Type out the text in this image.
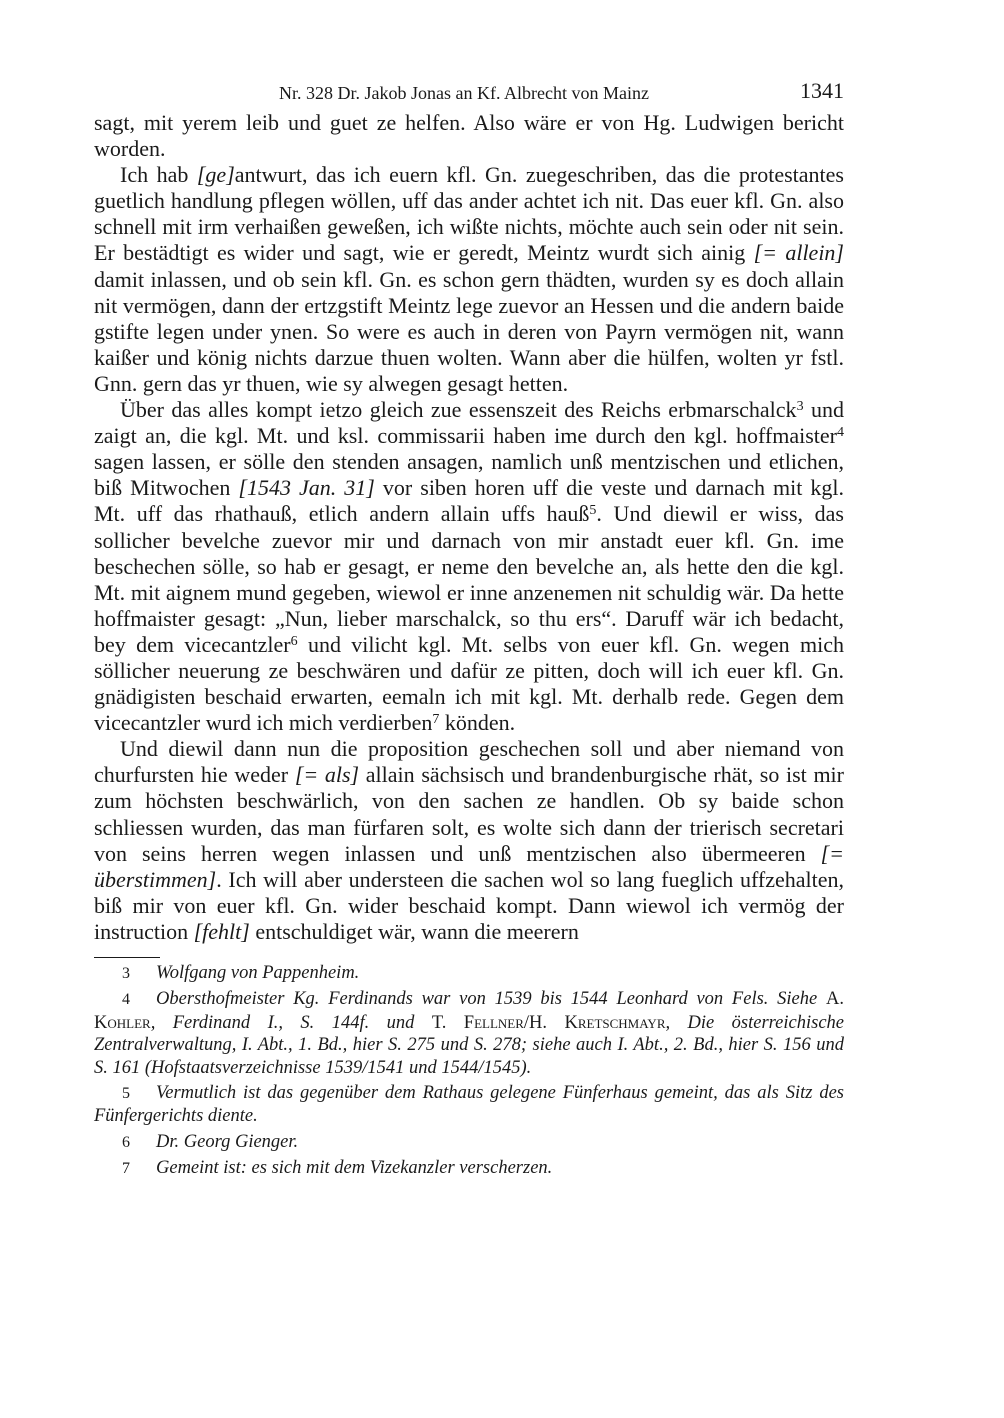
Nr. 328 Dr. Jakob Jonas an Kf. Albrecht von Mainz	1341

sagt, mit yerem leib und guet ze helfen. Also wäre er von Hg. Ludwigen bericht worden.

Ich hab [ge]antwurt, das ich euern kfl. Gn. zuegeschriben, das die protestantes guetlich handlung pflegen wöllen, uff das ander achtet ich nit. Das euer kfl. Gn. also schnell mit irm verhaißen geweßen, ich wißte nichts, möchte auch sein oder nit sein. Er bestädtigt es wider und sagt, wie er geredt, Meintz wurdt sich ainig [= allein] damit inlassen, und ob sein kfl. Gn. es schon gern thädten, wurden sy es doch allain nit vermögen, dann der ertzgstift Meintz lege zuevor an Hessen und die andern baide gstifte legen under ynen. So were es auch in deren von Payrn vermögen nit, wann kaißer und könig nichts darzue thuen wolten. Wann aber die hülfen, wolten yr fstl. Gnn. gern das yr thuen, wie sy alwegen gesagt hetten.

Über das alles kompt ietzo gleich zue essenszeit des Reichs erbmarschalck$^3$ und zaigt an, die kgl. Mt. und ksl. commissarii haben ime durch den kgl. hoffmaister$^4$ sagen lassen, er sölle den stenden ansagen, namlich unß mentzischen und etlichen, biß Mitwochen [1543 Jan. 31] vor siben horen uff die veste und darnach mit kgl. Mt. uff das rhathauß, etlich andern allain uffs hauß$^5$. Und diewil er wiss, das sollicher bevelche zuevor mir und darnach von mir anstadt euer kfl. Gn. ime beschechen sölle, so hab er gesagt, er neme den bevelche an, als hette den die kgl. Mt. mit aignem mund gegeben, wiewol er inne anzenemen nit schuldig wär. Da hette hoffmaister gesagt: „Nun, lieber marschalck, so thu ers“. Daruff wär ich bedacht, bey dem vicecantzler$^6$ und vilicht kgl. Mt. selbs von euer kfl. Gn. wegen mich söllicher neuerung ze beschwären und dafür ze pitten, doch will ich euer kfl. Gn. gnädigisten beschaid erwarten, eemaln ich mit kgl. Mt. derhalb rede. Gegen dem vicecantzler wurd ich mich verdierben$^7$ könden.

Und diewil dann nun die proposition geschechen soll und aber niemand von churfursten hie weder [= als] allain sächsisch und brandenburgische rhät, so ist mir zum höchsten beschwärlich, von den sachen ze handlen. Ob sy baide schon schliessen wurden, das man fürfaren solt, es wolte sich dann der trierisch secretari von seins herren wegen inlassen und unß mentzischen also übermeeren [= überstimmen]. Ich will aber understeen die sachen wol so lang fueglich uffzehalten, biß mir von euer kfl. Gn. wider beschaid kompt. Dann wiewol ich vermög der instruction [fehlt] entschuldiget wär, wann die meerern

3 Wolfgang von Pappenheim.

4 Obersthofmeister Kg. Ferdinands war von 1539 bis 1544 Leonhard von Fels. Siehe A. Kohler, Ferdinand I., S. 144f. und T. Fellner/H. Kretschmayr, Die österreichische Zentralverwaltung, I. Abt., 1. Bd., hier S. 275 und S. 278; siehe auch I. Abt., 2. Bd., hier S. 156 und S. 161 (Hofstaatsverzeichnisse 1539/1541 und 1544/1545).

5 Vermutlich ist das gegenüber dem Rathaus gelegene Fünferhaus gemeint, das als Sitz des Fünfergerichts diente.

6 Dr. Georg Gienger.

7 Gemeint ist: es sich mit dem Vizekanzler verscherzen.
